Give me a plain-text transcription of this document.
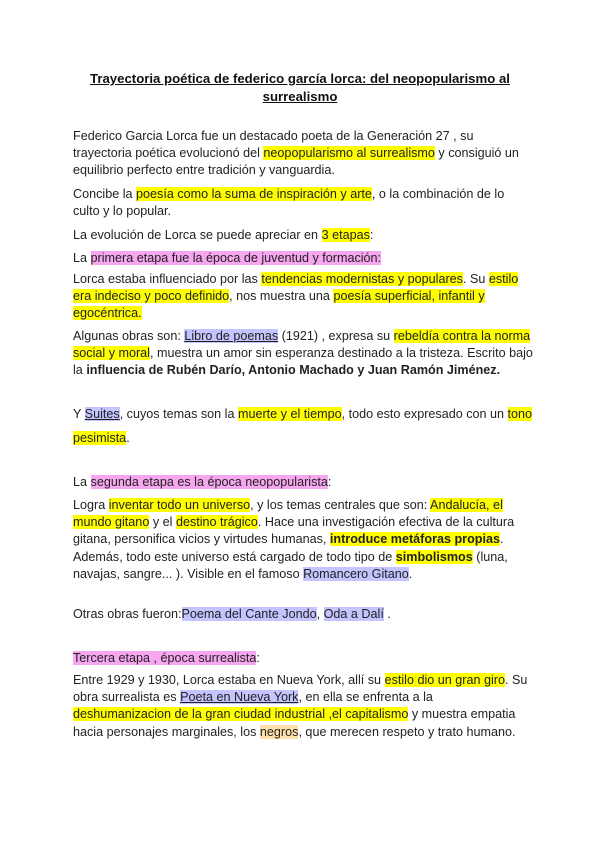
Trayectoria poética de federico garcía lorca: del neopopularismo al surrealismo

Federico Garcia Lorca fue un destacado poeta de la Generación 27 , su trayectoria poética evolucionó del neopopularismo al surrealismo y consiguió un equilibrio perfecto entre tradición y vanguardia.

Concibe la poesía como la suma de inspiración y arte, o la combinación de lo culto y lo popular.

La evolución de Lorca se puede apreciar en 3 etapas:

La primera etapa fue la época de juventud y formación:

Lorca estaba influenciado por las tendencias modernistas y populares. Su estilo era indeciso y poco definido, nos muestra una poesía superficial, infantil y egocéntrica.

Algunas obras son: Libro de poemas (1921) , expresa su rebeldía contra la norma social y moral, muestra un amor sin esperanza destinado a la tristeza. Escrito bajo la influencia de Rubén Darío, Antonio Machado y Juan Ramón Jiménez.

Y Suites, cuyos temas son la muerte y el tiempo, todo esto expresado con un tono pesimista.

La segunda etapa es la época neopopularista:

Logra inventar todo un universo, y los temas centrales que son: Andalucía, el mundo gitano y el destino trágico. Hace una investigación efectiva de la cultura gitana, personifica vicios y virtudes humanas, introduce metáforas propias. Además, todo este universo está cargado de todo tipo de simbolismos (luna, navajas, sangre... ). Visible en el famoso Romancero Gitano.

Otras obras fueron:Poema del Cante Jondo, Oda a Dalí .

Tercera etapa , época surrealista:

Entre 1929 y 1930, Lorca estaba en Nueva York, allí su estilo dio un gran giro. Su obra surrealista es Poeta en Nueva York, en ella se enfrenta a la deshumanizacion de la gran ciudad industrial ,el capitalismo y muestra empatia hacia personajes marginales, los negros, que merecen respeto y trato humano.
